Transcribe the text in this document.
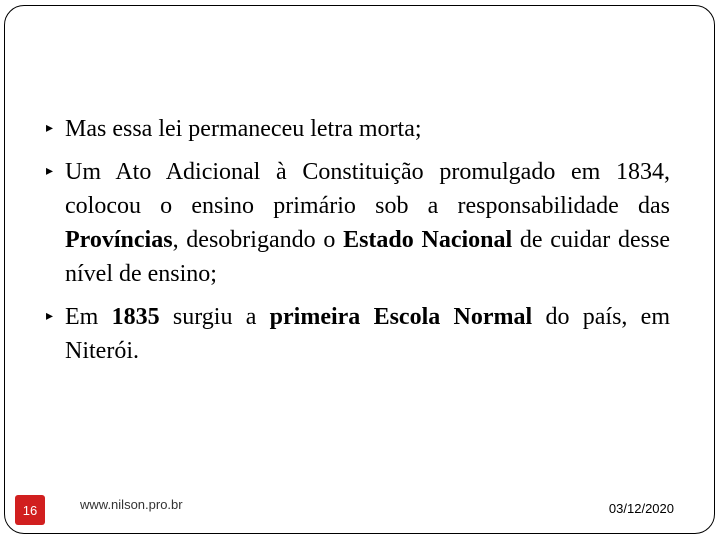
▸ Mas essa lei permaneceu letra morta;
▸ Um Ato Adicional à Constituição promulgado em 1834, colocou o ensino primário sob a responsabilidade das Províncias, desobrigando o Estado Nacional de cuidar desse nível de ensino;
▸ Em 1835 surgiu a primeira Escola Normal do país, em Niterói.
16	www.nilson.pro.br	03/12/2020
